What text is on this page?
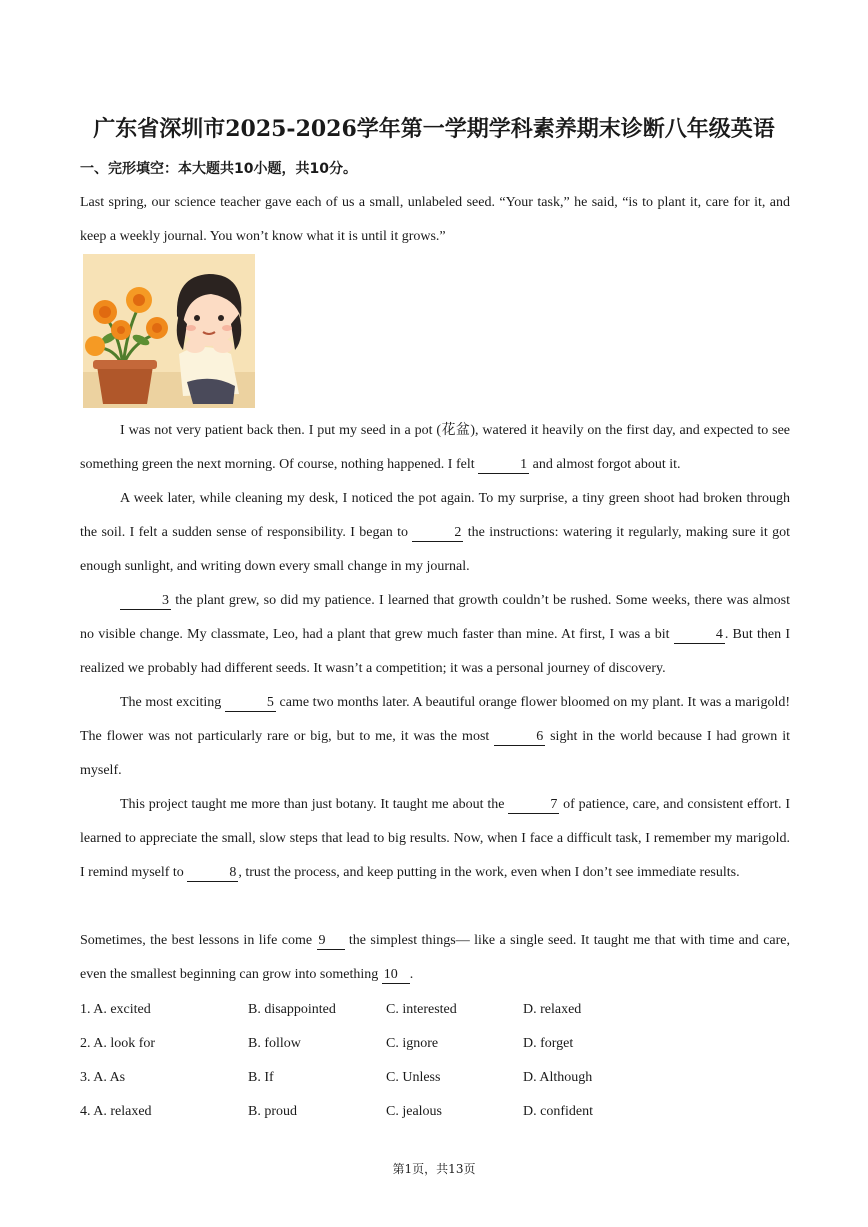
广东省深圳市2025-2026学年第一学期学科素养期末诊断八年级英语
一、完形填空：本大题共10小题，共10分。
Last spring, our science teacher gave each of us a small, unlabeled seed. “Your task,” he said, “is to plant it, care for it, and keep a weekly journal. You won’t know what it is until it grows.”
I was not very patient back then. I put my seed in a pot (花盆), watered it heavily on the first day, and expected to see something green the next morning. Of course, nothing happened. I felt	1 and almost forgot about it.
A week later, while cleaning my desk, I noticed the pot again. To my surprise, a tiny green shoot had broken through the soil. I felt a sudden sense of responsibility. I began to	2 the instructions: watering it regularly, making sure it got enough sunlight, and writing down every small change in my journal.
3 the plant grew, so did my patience. I learned that growth couldn’t be rushed. Some weeks, there was almost no visible change. My classmate, Leo, had a plant that grew much faster than mine. At first, I was a bit	4 . But then I realized we probably had different seeds. It wasn’t a competition; it was a personal journey of discovery.
The most exciting	5 came two months later. A beautiful orange flower bloomed on my plant. It was a marigold! The flower was not particularly rare or big, but to me, it was the most	6 sight in the world because I had grown it myself.
This project taught me more than just botany. It taught me about the	7 of patience, care, and consistent effort. I learned to appreciate the small, slow steps that lead to big results. Now, when I face a difficult task, I remember my marigold. I remind myself to	8 , trust the process, and keep putting in the work, even when I don’t see immediate results.
Sometimes, the best lessons in life come 9 the simplest things— like a single seed. It taught me that with time and care, even the smallest beginning can grow into something 10 .
1. A. excited	B. disappointed	C. interested	D. relaxed
2. A. look for	B. follow	C. ignore	D. forget
3. A. As	B. If	C. Unless	D. Although
4. A. relaxed	B. proud	C. jealous	D. confident
第1页，共13页
